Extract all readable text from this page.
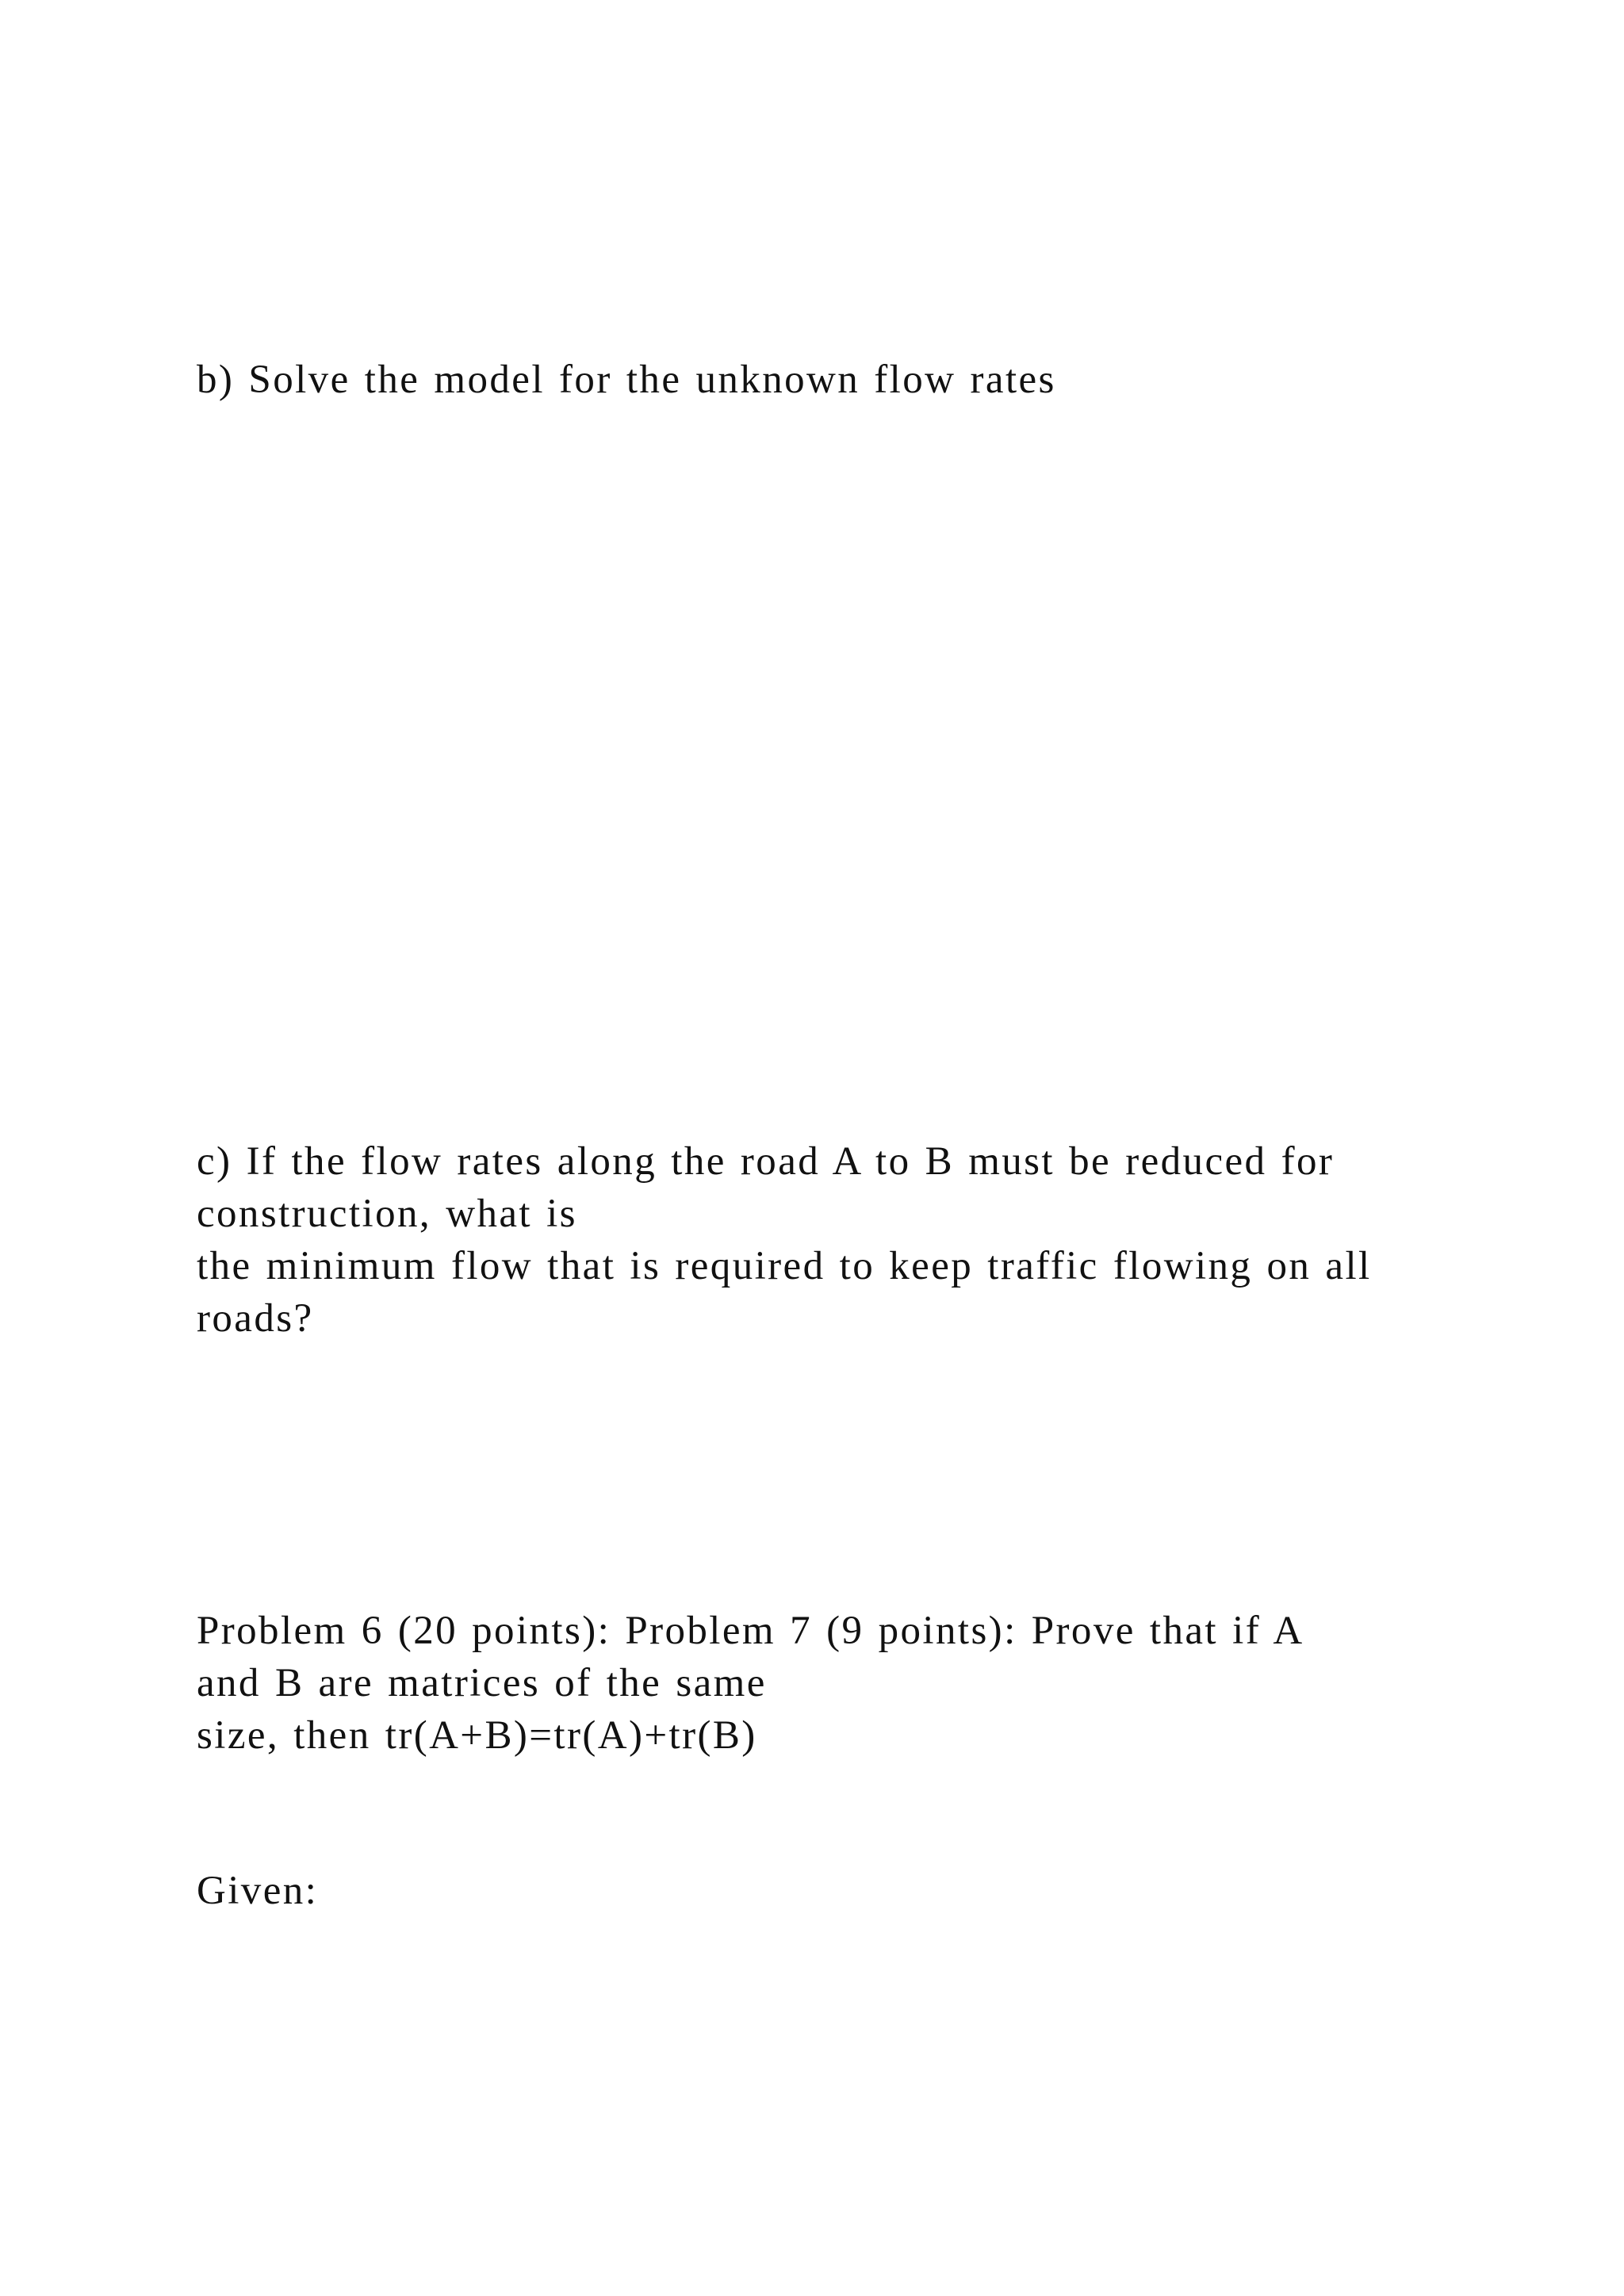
b) Solve the model for the unknown flow rates

c) If the flow rates along the road A to B must be reduced for

construction, what is

the minimum flow that is required to keep traffic flowing on all

roads?

Problem 6 (20 points): Problem 7 (9 points): Prove that if A

and B are matrices of the same

size, then tr(A+B)=tr(A)+tr(B)

Given:
